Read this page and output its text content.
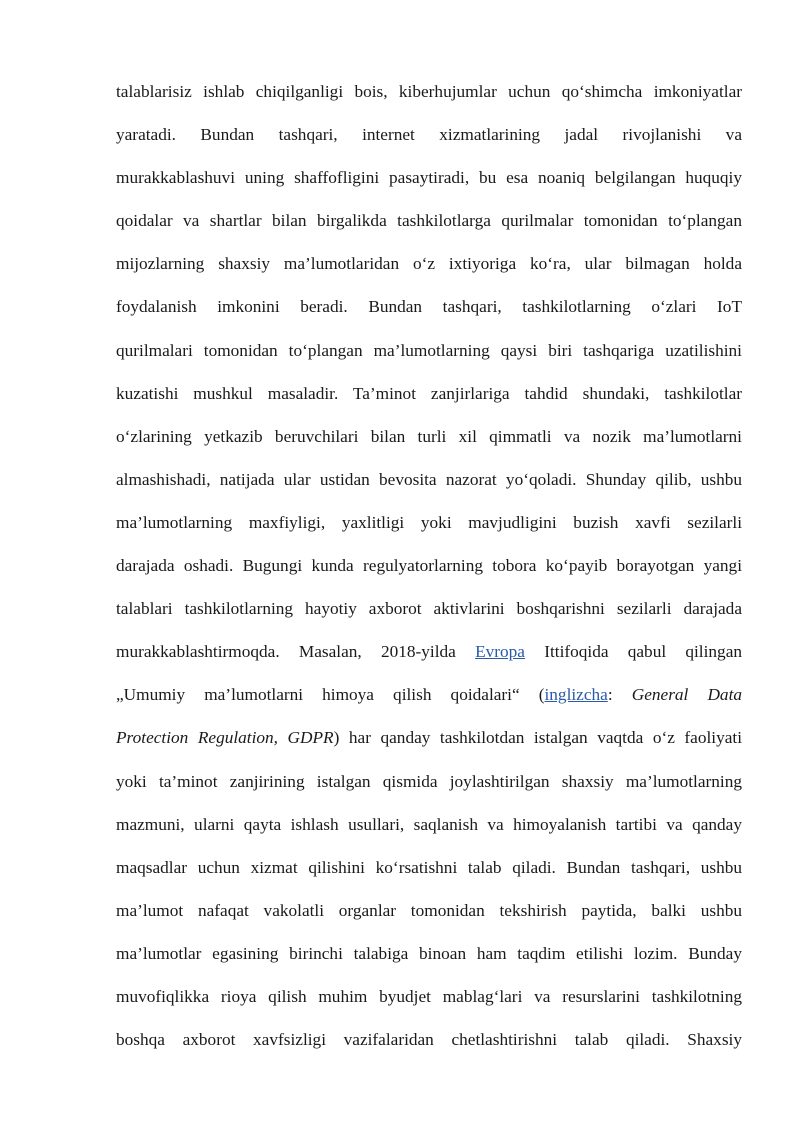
talablarisiz ishlab chiqilganligi bois, kiberhujumlar uchun qo‘shimcha imkoniyatlar
yaratadi. Bundan tashqari, internet xizmatlarining jadal rivojlanishi va
murakkablashuvi uning shaffofligini pasaytiradi, bu esa noaniq belgilangan huquqiy
qoidalar va shartlar bilan birgalikda tashkilotlarga qurilmalar tomonidan to‘plangan
mijozlarning shaxsiy ma’lumotlaridan o‘z ixtiyoriga ko‘ra, ular bilmagan holda
foydalanish imkonini beradi. Bundan tashqari, tashkilotlarning o‘zlari IoT
qurilmalari tomonidan to‘plangan ma’lumotlarning qaysi biri tashqariga uzatilishini
kuzatishi mushkul masaladir. Ta’minot zanjirlariga tahdid shundaki, tashkilotlar
o‘zlarining yetkazib beruvchilari bilan turli xil qimmatli va nozik ma’lumotlarni
almashishadi, natijada ular ustidan bevosita nazorat yo‘qoladi. Shunday qilib, ushbu
ma’lumotlarning maxfiyligi, yaxlitligi yoki mavjudligini buzish xavfi sezilarli
darajada oshadi. Bugungi kunda regulyatorlarning tobora ko‘payib borayotgan yangi
talablari tashkilotlarning hayotiy axborot aktivlarini boshqarishni sezilarli darajada
murakkablashtirmoqda. Masalan, 2018-yilda Evropa Ittifoqida qabul qilingan
„Umumiy ma’lumotlarni himoya qilish qoidalari“ (inglizcha: General Data
Protection Regulation, GDPR) har qanday tashkilotdan istalgan vaqtda o‘z faoliyati
yoki ta’minot zanjirining istalgan qismida joylashtirilgan shaxsiy ma’lumotlarning
mazmuni, ularni qayta ishlash usullari, saqlanish va himoyalanish tartibi va qanday
maqsadlar uchun xizmat qilishini ko‘rsatishni talab qiladi. Bundan tashqari, ushbu
ma’lumot nafaqat vakolatli organlar tomonidan tekshirish paytida, balki ushbu
ma’lumotlar egasining birinchi talabiga binoan ham taqdim etilishi lozim. Bunday
muvofiqlikka rioya qilish muhim byudjet mablag‘lari va resurslarini tashkilotning
boshqa axborot xavfsizligi vazifalaridan chetlashtirishni talab qiladi. Shaxsiy
